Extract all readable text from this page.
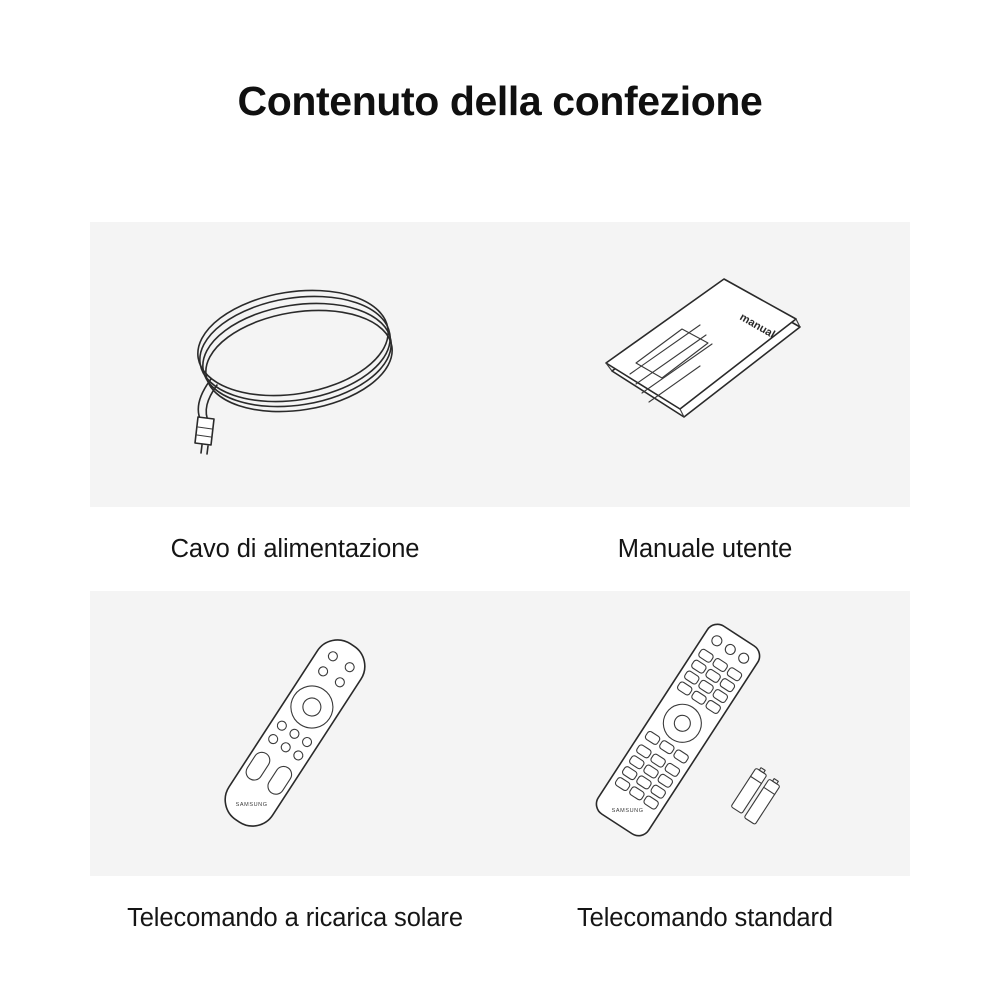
Contenuto della confezione
Cavo di alimentazione
manual
Manuale utente
SAMSUNG
Telecomando a ricarica solare
SAMSUNG
Telecomando standard
